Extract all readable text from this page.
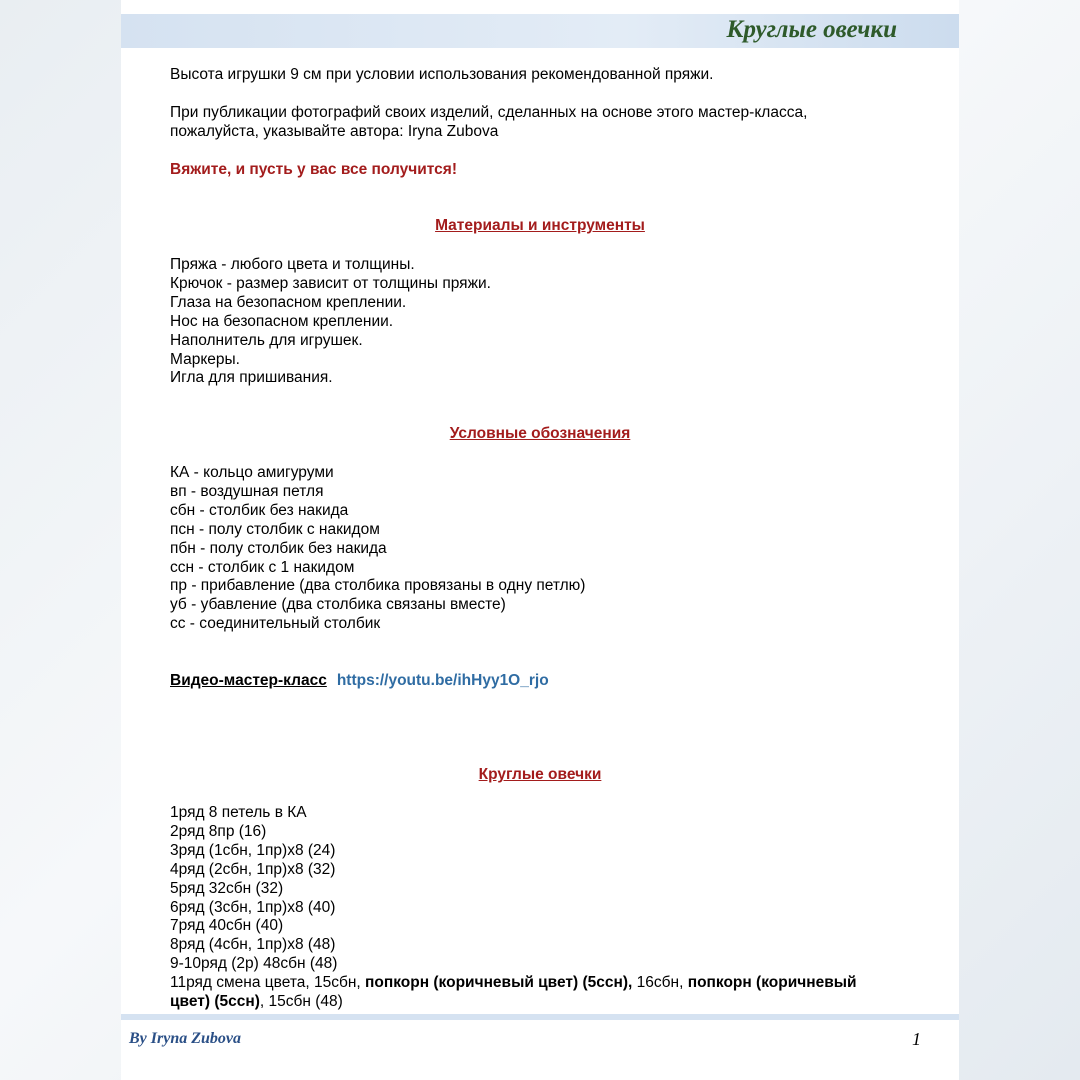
Круглые овечки
Высота игрушки 9 см при условии использования рекомендованной пряжи.
При публикации фотографий своих изделий, сделанных на основе этого мастер-класса,
пожалуйста, указывайте автора: Iryna Zubova
Вяжите, и пусть у вас все получится!
Материалы и инструменты
Пряжа - любого цвета и толщины.
Крючок - размер зависит от толщины пряжи.
Глаза на безопасном креплении.
Нос на безопасном креплении.
Наполнитель для игрушек.
Маркеры.
Игла для пришивания.
Условные обозначения
КА - кольцо амигуруми
вп - воздушная петля
сбн - столбик без накида
псн - полу столбик с накидом
пбн - полу столбик без накида
ссн - столбик с 1 накидом
пр - прибавление (два столбика провязаны в одну петлю)
уб - убавление (два столбика связаны вместе)
сс - соединительный столбик
Видео-мастер-класс https://youtu.be/ihHyy1O_rjo
Круглые овечки
1ряд 8 петель в КА
2ряд 8пр (16)
3ряд (1сбн, 1пр)х8 (24)
4ряд (2сбн, 1пр)х8 (32)
5ряд 32сбн (32)
6ряд (3сбн, 1пр)х8 (40)
7ряд 40сбн (40)
8ряд (4сбн, 1пр)х8 (48)
9-10ряд (2р) 48сбн (48)
11ряд смена цвета, 15сбн, попкорн (коричневый цвет) (5ссн), 16сбн, попкорн (коричневый
цвет) (5ссн), 15сбн (48)
By Iryna Zubova	1
